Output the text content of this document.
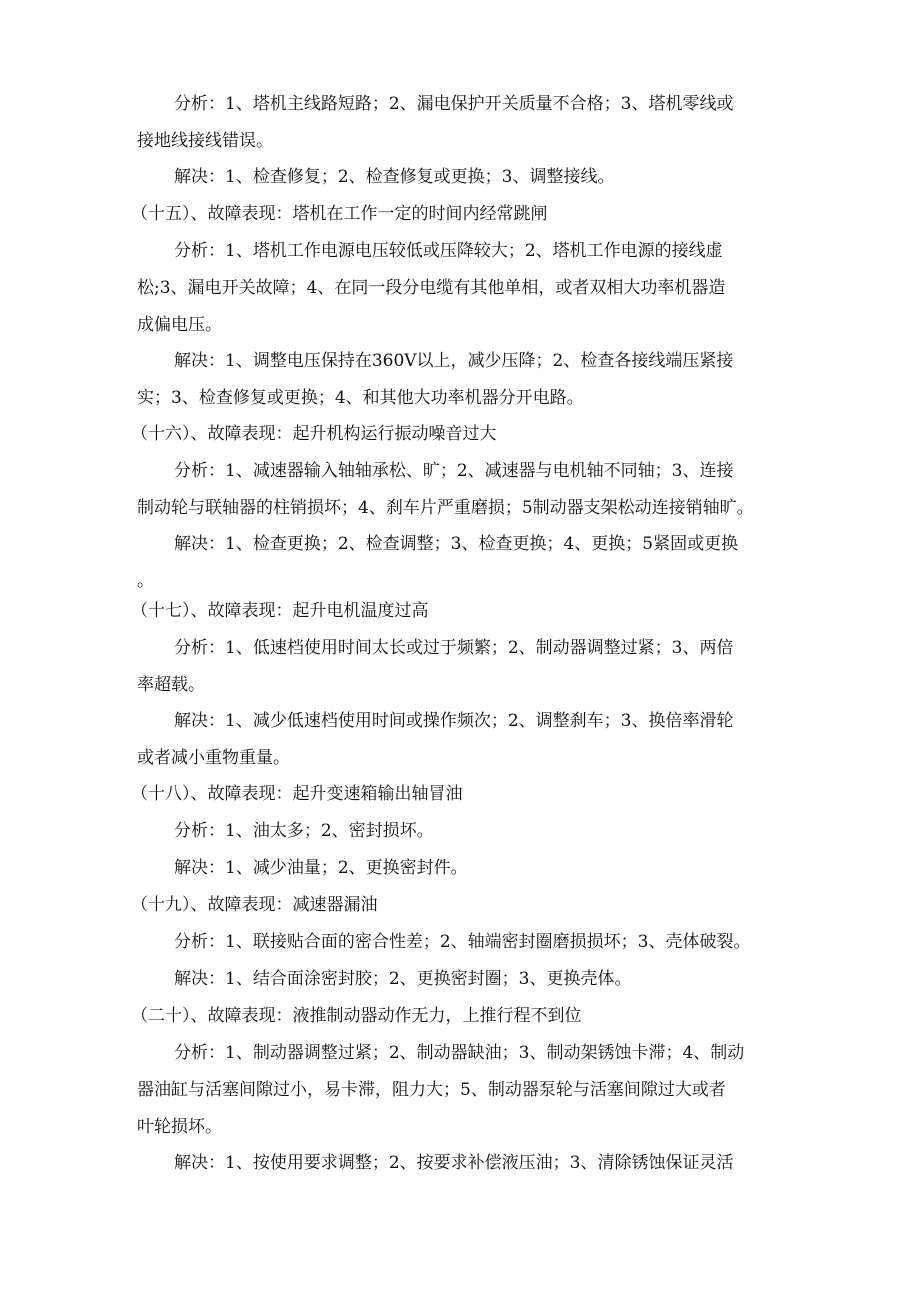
分析：1、塔机主线路短路；2、漏电保护开关质量不合格；3、塔机零线或
接地线接线错误。
解决：1、检查修复；2、检查修复或更换；3、调整接线。
（十五）、故障表现：塔机在工作一定的时间内经常跳闸
分析：1、塔机工作电源电压较低或压降较大；2、塔机工作电源的接线虚
松;3、漏电开关故障；4、在同一段分电缆有其他单相，或者双相大功率机器造
成偏电压。
解决：1、调整电压保持在360V以上，减少压降；2、检查各接线端压紧接
实；3、检查修复或更换；4、和其他大功率机器分开电路。
（十六）、故障表现：起升机构运行振动噪音过大
分析：1、减速器输入轴轴承松、旷；2、减速器与电机轴不同轴；3、连接
制动轮与联轴器的柱销损坏；4、刹车片严重磨损；5制动器支架松动连接销轴旷。
解决：1、检查更换；2、检查调整；3、检查更换；4、更换；5紧固或更换
。
（十七）、故障表现：起升电机温度过高
分析：1、低速档使用时间太长或过于频繁；2、制动器调整过紧；3、两倍
率超载。
解决：1、减少低速档使用时间或操作频次；2、调整刹车；3、换倍率滑轮
或者减小重物重量。
（十八）、故障表现：起升变速箱输出轴冒油
分析：1、油太多；2、密封损坏。
解决：1、减少油量；2、更换密封件。
（十九）、故障表现：减速器漏油
分析：1、联接贴合面的密合性差；2、轴端密封圈磨损损坏；3、壳体破裂。
解决：1、结合面涂密封胶；2、更换密封圈；3、更换壳体。
（二十）、故障表现：液推制动器动作无力，上推行程不到位
分析：1、制动器调整过紧；2、制动器缺油；3、制动架锈蚀卡滞；4、制动
器油缸与活塞间隙过小，易卡滞，阻力大；5、制动器泵轮与活塞间隙过大或者
叶轮损坏。
解决：1、按使用要求调整；2、按要求补偿液压油；3、清除锈蚀保证灵活
